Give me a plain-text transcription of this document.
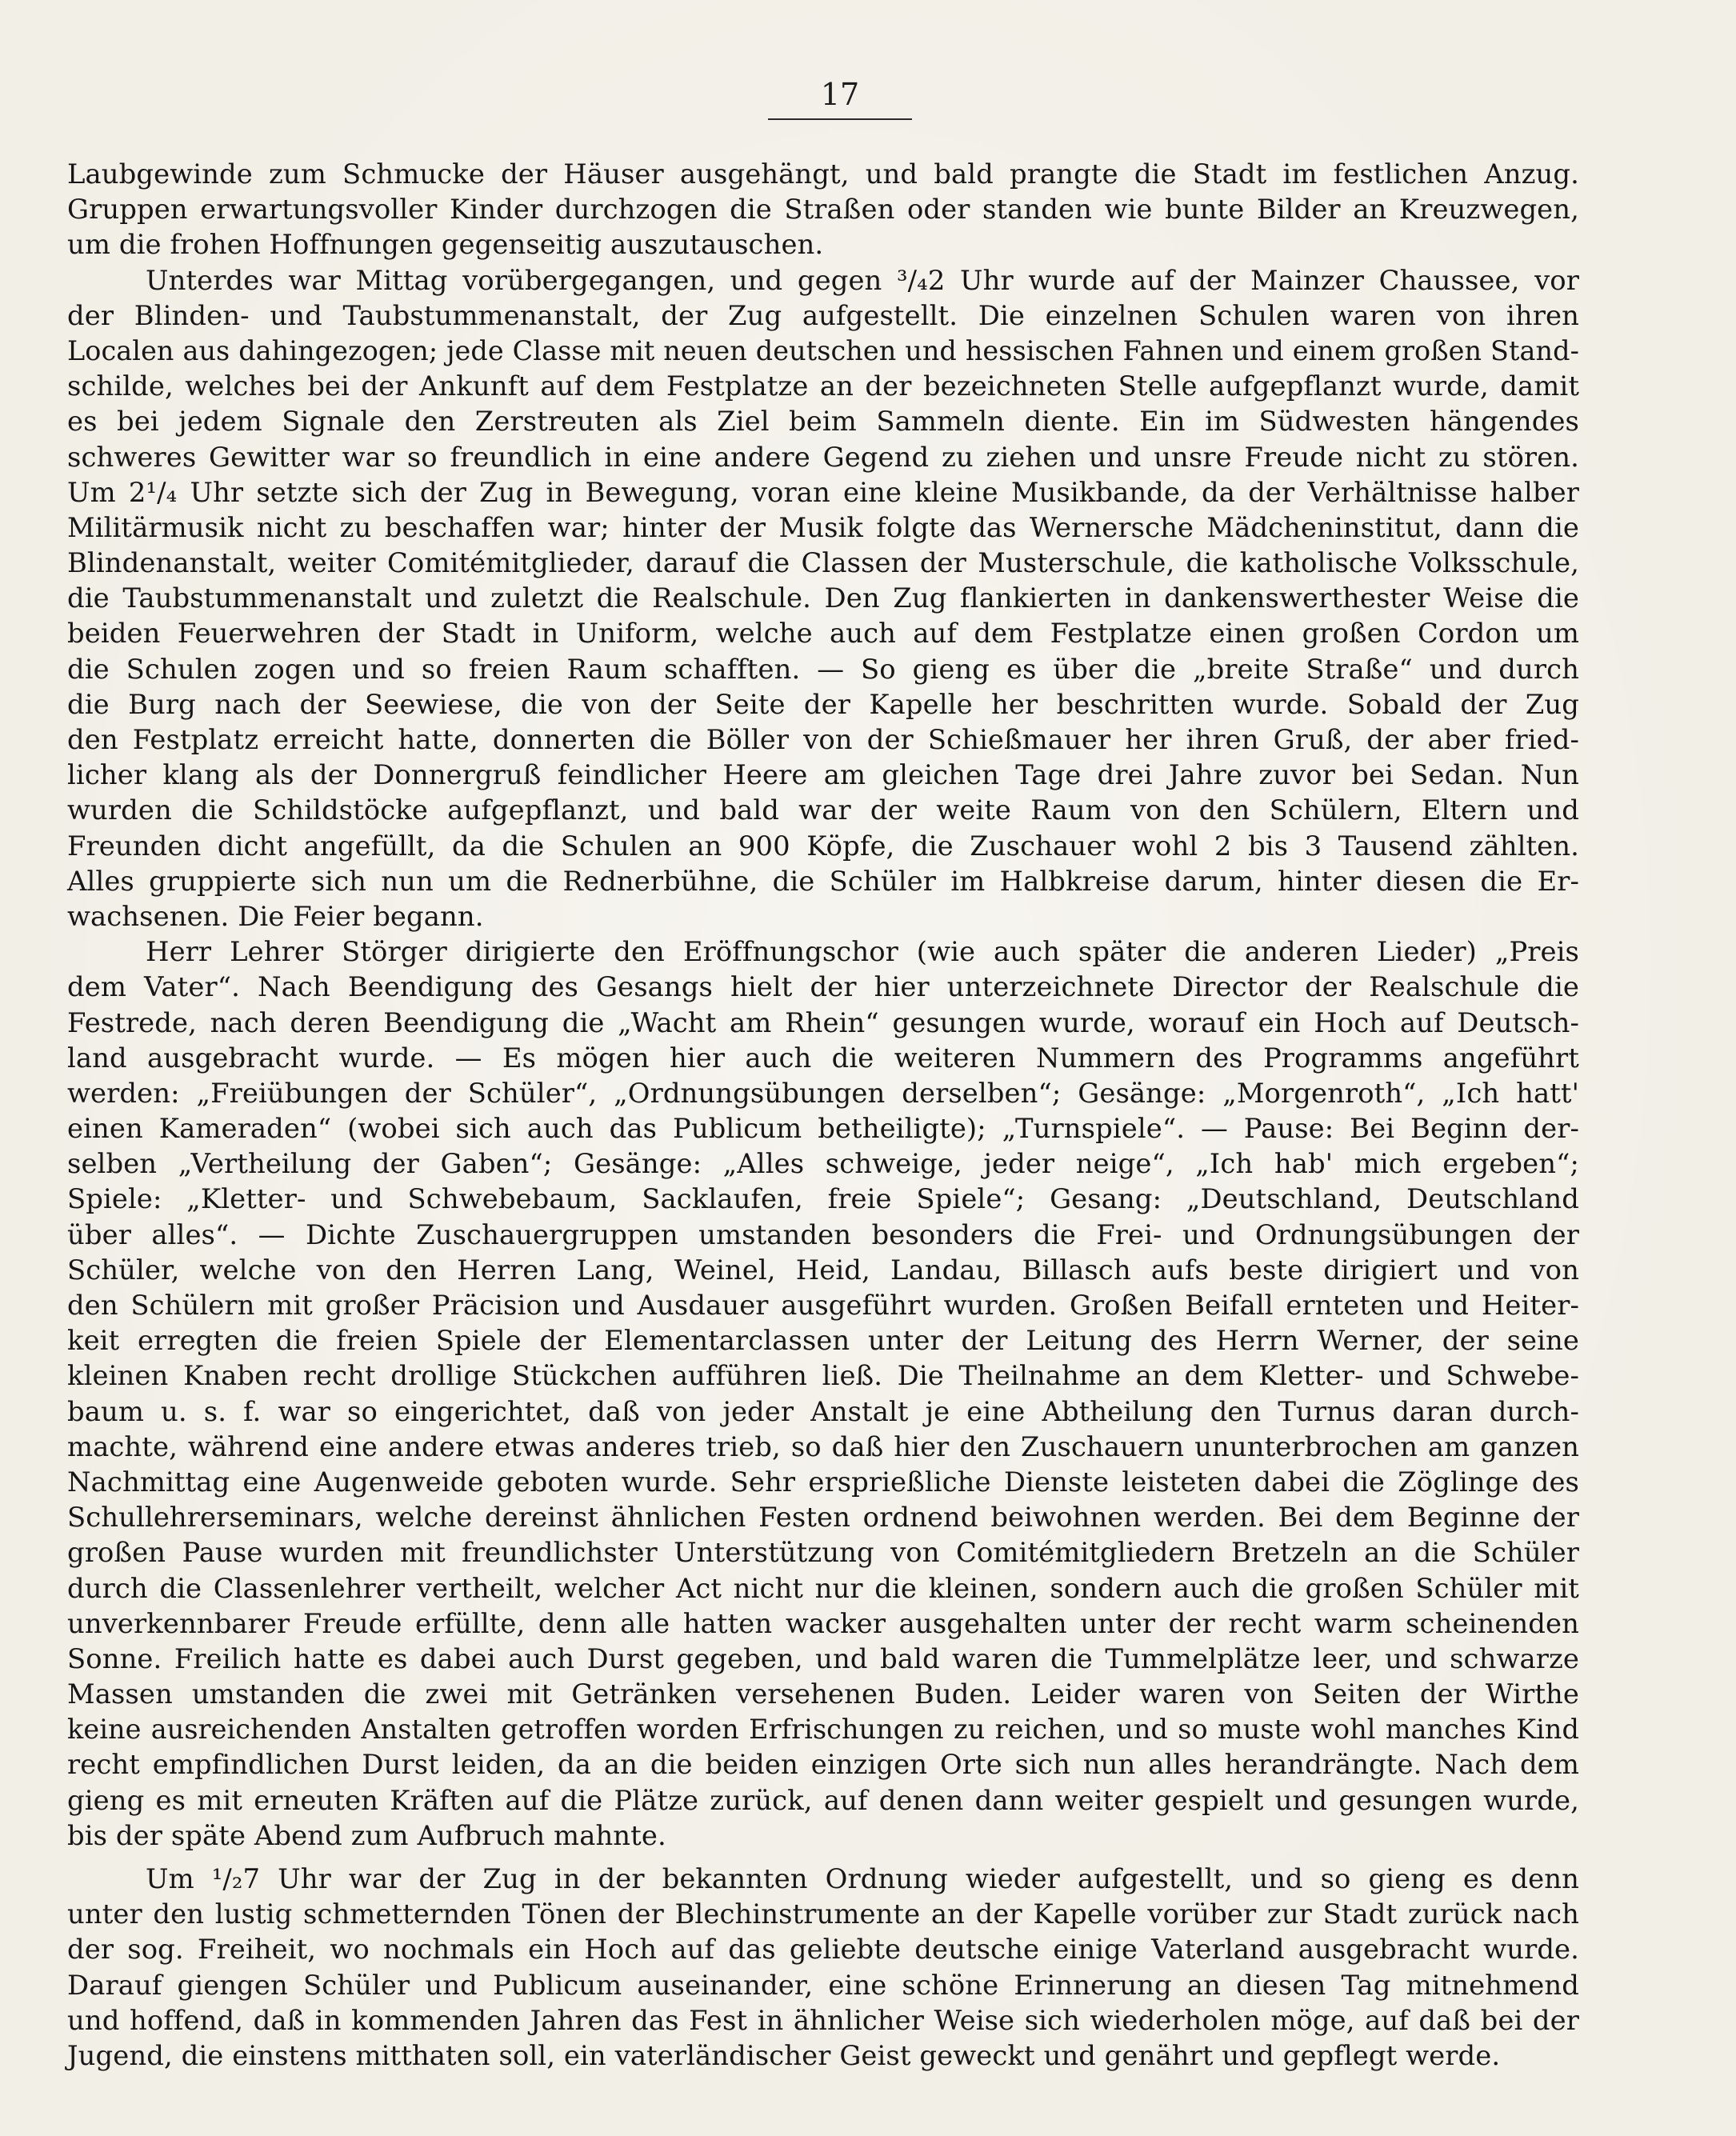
17

Laubgewinde zum Schmucke der Häuser ausgehängt, und bald prangte die Stadt im festlichen Anzug.

Gruppen erwartungsvoller Kinder durchzogen die Straßen oder standen wie bunte Bilder an Kreuzwegen,

um die frohen Hoffnungen gegenseitig auszutauschen.

Unterdes war Mittag vorübergegangen, und gegen ³/₄2 Uhr wurde auf der Mainzer Chaussee, vor

der Blinden- und Taubstummenanstalt, der Zug aufgestellt. Die einzelnen Schulen waren von ihren

Localen aus dahingezogen; jede Classe mit neuen deutschen und hessischen Fahnen und einem großen Stand-

schilde, welches bei der Ankunft auf dem Festplatze an der bezeichneten Stelle aufgepflanzt wurde, damit

es bei jedem Signale den Zerstreuten als Ziel beim Sammeln diente. Ein im Südwesten hängendes

schweres Gewitter war so freundlich in eine andere Gegend zu ziehen und unsre Freude nicht zu stören.

Um 2¹/₄ Uhr setzte sich der Zug in Bewegung, voran eine kleine Musikbande, da der Verhältnisse halber

Militärmusik nicht zu beschaffen war; hinter der Musik folgte das Wernersche Mädcheninstitut, dann die

Blindenanstalt, weiter Comitémitglieder, darauf die Classen der Musterschule, die katholische Volksschule,

die Taubstummenanstalt und zuletzt die Realschule. Den Zug flankierten in dankenswerthester Weise die

beiden Feuerwehren der Stadt in Uniform, welche auch auf dem Festplatze einen großen Cordon um

die Schulen zogen und so freien Raum schafften. — So gieng es über die „breite Straße“ und durch

die Burg nach der Seewiese, die von der Seite der Kapelle her beschritten wurde. Sobald der Zug

den Festplatz erreicht hatte, donnerten die Böller von der Schießmauer her ihren Gruß, der aber fried-

licher klang als der Donnergruß feindlicher Heere am gleichen Tage drei Jahre zuvor bei Sedan. Nun

wurden die Schildstöcke aufgepflanzt, und bald war der weite Raum von den Schülern, Eltern und

Freunden dicht angefüllt, da die Schulen an 900 Köpfe, die Zuschauer wohl 2 bis 3 Tausend zählten.

Alles gruppierte sich nun um die Rednerbühne, die Schüler im Halbkreise darum, hinter diesen die Er-

wachsenen. Die Feier begann.

Herr Lehrer Störger dirigierte den Eröffnungschor (wie auch später die anderen Lieder) „Preis

dem Vater“. Nach Beendigung des Gesangs hielt der hier unterzeichnete Director der Realschule die

Festrede, nach deren Beendigung die „Wacht am Rhein“ gesungen wurde, worauf ein Hoch auf Deutsch-

land ausgebracht wurde. — Es mögen hier auch die weiteren Nummern des Programms angeführt

werden: „Freiübungen der Schüler“, „Ordnungsübungen derselben“; Gesänge: „Morgenroth“, „Ich hatt'

einen Kameraden“ (wobei sich auch das Publicum betheiligte); „Turnspiele“. — Pause: Bei Beginn der-

selben „Vertheilung der Gaben“; Gesänge: „Alles schweige, jeder neige“, „Ich hab' mich ergeben“;

Spiele: „Kletter- und Schwebebaum, Sacklaufen, freie Spiele“; Gesang: „Deutschland, Deutschland

über alles“. — Dichte Zuschauergruppen umstanden besonders die Frei- und Ordnungsübungen der

Schüler, welche von den Herren Lang, Weinel, Heid, Landau, Billasch aufs beste dirigiert und von

den Schülern mit großer Präcision und Ausdauer ausgeführt wurden. Großen Beifall ernteten und Heiter-

keit erregten die freien Spiele der Elementarclassen unter der Leitung des Herrn Werner, der seine

kleinen Knaben recht drollige Stückchen aufführen ließ. Die Theilnahme an dem Kletter- und Schwebe-

baum u. s. f. war so eingerichtet, daß von jeder Anstalt je eine Abtheilung den Turnus daran durch-

machte, während eine andere etwas anderes trieb, so daß hier den Zuschauern ununterbrochen am ganzen

Nachmittag eine Augenweide geboten wurde. Sehr ersprießliche Dienste leisteten dabei die Zöglinge des

Schullehrerseminars, welche dereinst ähnlichen Festen ordnend beiwohnen werden. Bei dem Beginne der

großen Pause wurden mit freundlichster Unterstützung von Comitémitgliedern Bretzeln an die Schüler

durch die Classenlehrer vertheilt, welcher Act nicht nur die kleinen, sondern auch die großen Schüler mit

unverkennbarer Freude erfüllte, denn alle hatten wacker ausgehalten unter der recht warm scheinenden

Sonne. Freilich hatte es dabei auch Durst gegeben, und bald waren die Tummelplätze leer, und schwarze

Massen umstanden die zwei mit Getränken versehenen Buden. Leider waren von Seiten der Wirthe

keine ausreichenden Anstalten getroffen worden Erfrischungen zu reichen, und so muste wohl manches Kind

recht empfindlichen Durst leiden, da an die beiden einzigen Orte sich nun alles herandrängte. Nach dem

gieng es mit erneuten Kräften auf die Plätze zurück, auf denen dann weiter gespielt und gesungen wurde,

bis der späte Abend zum Aufbruch mahnte.

Um ¹/₂7 Uhr war der Zug in der bekannten Ordnung wieder aufgestellt, und so gieng es denn

unter den lustig schmetternden Tönen der Blechinstrumente an der Kapelle vorüber zur Stadt zurück nach

der sog. Freiheit, wo nochmals ein Hoch auf das geliebte deutsche einige Vaterland ausgebracht wurde.

Darauf giengen Schüler und Publicum auseinander, eine schöne Erinnerung an diesen Tag mitnehmend

und hoffend, daß in kommenden Jahren das Fest in ähnlicher Weise sich wiederholen möge, auf daß bei der

Jugend, die einstens mitthaten soll, ein vaterländischer Geist geweckt und genährt und gepflegt werde.
